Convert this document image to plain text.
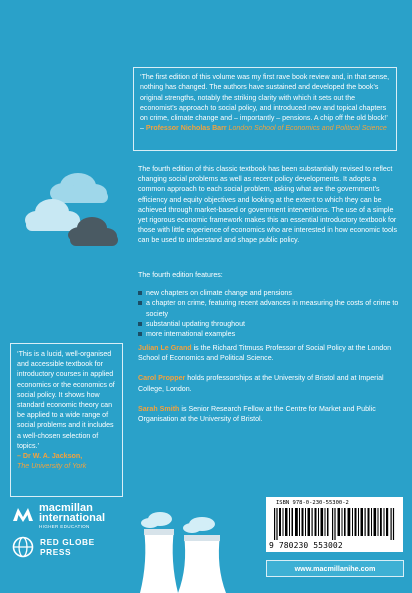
‘The first edition of this volume was my first rave book review and, in that sense, nothing has changed. The authors have sustained and developed the book’s original strengths, notably the striking clarity with which it sets out the economist’s approach to social policy, and introduced new and topical chapters on crime, climate change and – importantly – pensions. A chip off the old block!’ – Professor Nicholas Barr London School of Economics and Political Science

The fourth edition of this classic textbook has been substantially revised to reflect changing social problems as well as recent policy developments. It adopts a common approach to each social problem, asking what are the government’s efficiency and equity objectives and looking at the extent to which they can be achieved through market-based or government interventions. The use of a simple yet rigorous economic framework makes this an essential introductory textbook for those with little experience of economics who are interested in how economic tools can be used to understand and shape public policy.

The fourth edition features:
new chapters on climate change and pensions
a chapter on crime, featuring recent advances in measuring the costs of crime to society
substantial updating throughout
more international examples

Julian Le Grand is the Richard Titmuss Professor of Social Policy at the London School of Economics and Political Science.

Carol Propper holds professorships at the University of Bristol and at Imperial College, London.

Sarah Smith is Senior Research Fellow at the Centre for Market and Public Organisation at the University of Bristol.

‘This is a lucid, well-organised and accessible textbook for introductory courses in applied economics or the economics of social policy. It shows how standard economic theory can be applied to a wide range of social problems and it includes a well-chosen selection of topics.’
– Dr W. A. Jackson,
The University of York
macmillan
international
HIGHER EDUCATION
RED GLOBE
PRESS
ISBN 978-0-230-55300-2
9 780230 553002
www.macmillanihe.com
